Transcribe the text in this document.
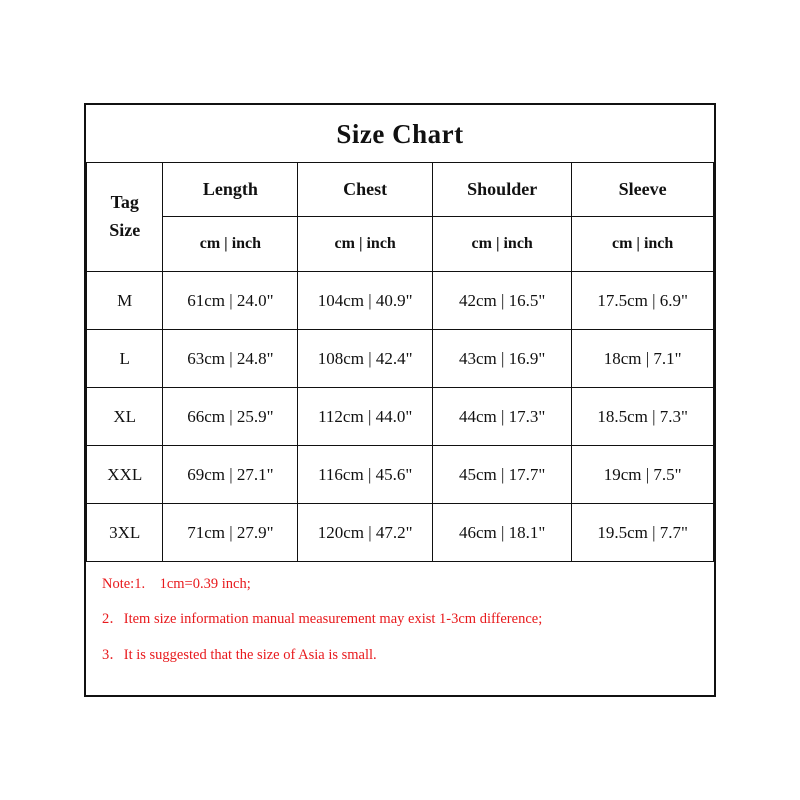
Size Chart
Tag
Size	Length	Chest	Shoulder	Sleeve
	cm | inch	cm | inch	cm | inch	cm | inch
M	61cm | 24.0"	104cm | 40.9"	42cm | 16.5"	17.5cm | 6.9"
L	63cm | 24.8"	108cm | 42.4"	43cm | 16.9"	18cm | 7.1"
XL	66cm | 25.9"	112cm | 44.0"	44cm | 17.3"	18.5cm | 7.3"
XXL	69cm | 27.1"	116cm | 45.6"	45cm | 17.7"	19cm | 7.5"
3XL	71cm | 27.9"	120cm | 47.2"	46cm | 18.1"	19.5cm | 7.7"

Note:1.    1cm=0.39 inch;

2．Item size information manual measurement may exist 1-3cm difference;

3．It is suggested that the size of Asia is small.
